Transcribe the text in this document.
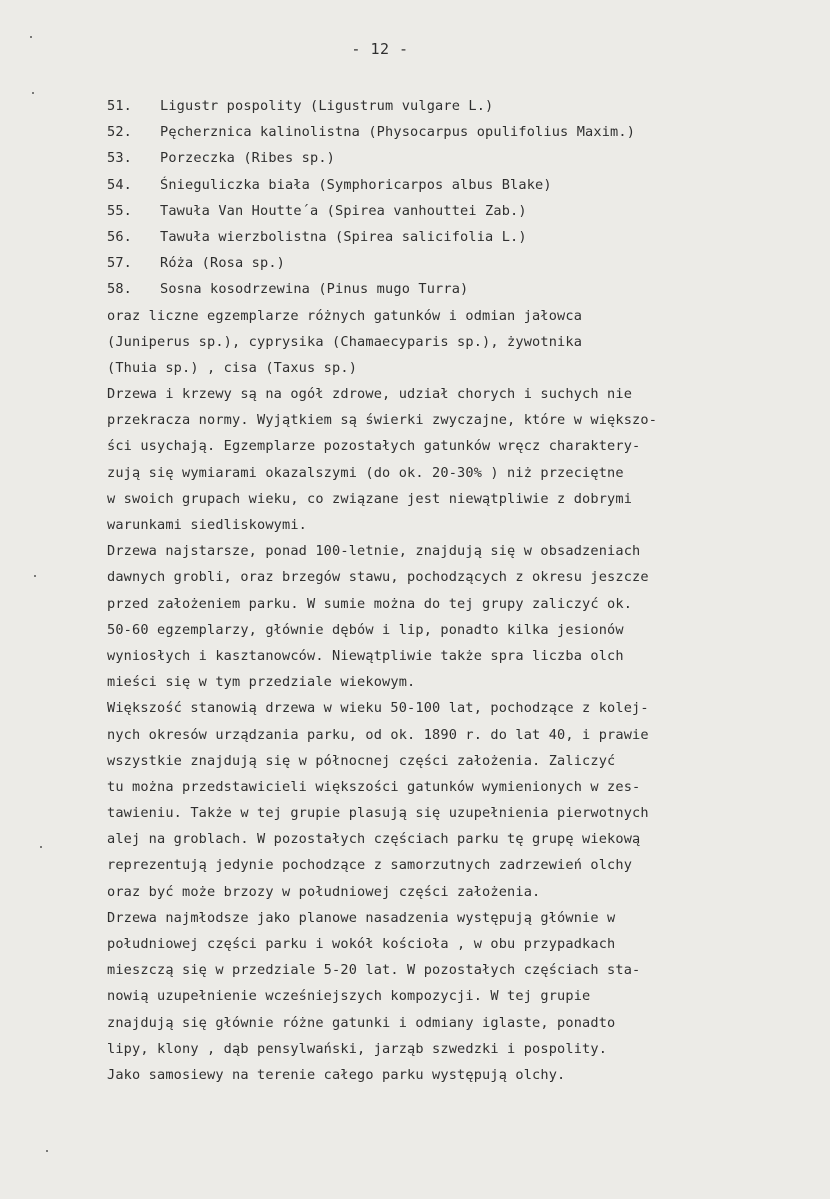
- 12 -
51. Ligustr pospolity (Ligustrum vulgare L.)
52. Pęcherznica kalinolistna (Physocarpus opulifolius Maxim.)
53. Porzeczka (Ribes sp.)
54. Śnieguliczka biała (Symphoricarpos albus Blake)
55. Tawuła Van Houtte´a (Spirea vanhouttei Zab.)
56. Tawuła wierzbolistna (Spirea salicifolia L.)
57. Róża (Rosa sp.)
58. Sosna kosodrzewina (Pinus mugo Turra)
oraz liczne egzemplarze różnych gatunków i odmian jałowca
(Juniperus sp.), cyprysika (Chamaecyparis sp.), żywotnika
(Thuia sp.) , cisa (Taxus sp.)
Drzewa i krzewy są na ogół zdrowe, udział chorych i suchych nie
przekracza normy. Wyjątkiem są świerki zwyczajne, które w większo-
ści usychają. Egzemplarze pozostałych gatunków wręcz charaktery-
zują się wymiarami okazalszymi (do ok. 20-30% ) niż przeciętne
w swoich grupach wieku, co związane jest niewątpliwie z dobrymi
warunkami siedliskowymi.
Drzewa najstarsze, ponad 100-letnie, znajdują się w obsadzeniach
dawnych grobli, oraz brzegów stawu, pochodzących z okresu jeszcze
przed założeniem parku. W sumie można do tej grupy zaliczyć ok.
50-60 egzemplarzy, głównie dębów i lip, ponadto kilka jesionów
wyniosłych i kasztanowców. Niewątpliwie także spra liczba olch
mieści się w tym przedziale wiekowym.
Większość stanowią drzewa w wieku 50-100 lat, pochodzące z kolej-
nych okresów urządzania parku, od ok. 1890 r. do lat 40, i prawie
wszystkie znajdują się w północnej części założenia. Zaliczyć
tu można przedstawicieli większości gatunków wymienionych w zes-
tawieniu. Także w tej grupie plasują się uzupełnienia pierwotnych
alej na groblach. W pozostałych częściach parku tę grupę wiekową
reprezentują jedynie pochodzące z samorzutnych zadrzewień olchy
oraz być może brzozy w południowej części założenia.
Drzewa najmłodsze jako planowe nasadzenia występują głównie w
południowej części parku i wokół kościoła , w obu przypadkach
mieszczą się w przedziale 5-20 lat. W pozostałych częściach sta-
nowią uzupełnienie wcześniejszych kompozycji. W tej grupie
znajdują się głównie różne gatunki i odmiany iglaste, ponadto
lipy, klony , dąb pensylwański, jarząb szwedzki i pospolity.
Jako samosiewy na terenie całego parku występują olchy.
